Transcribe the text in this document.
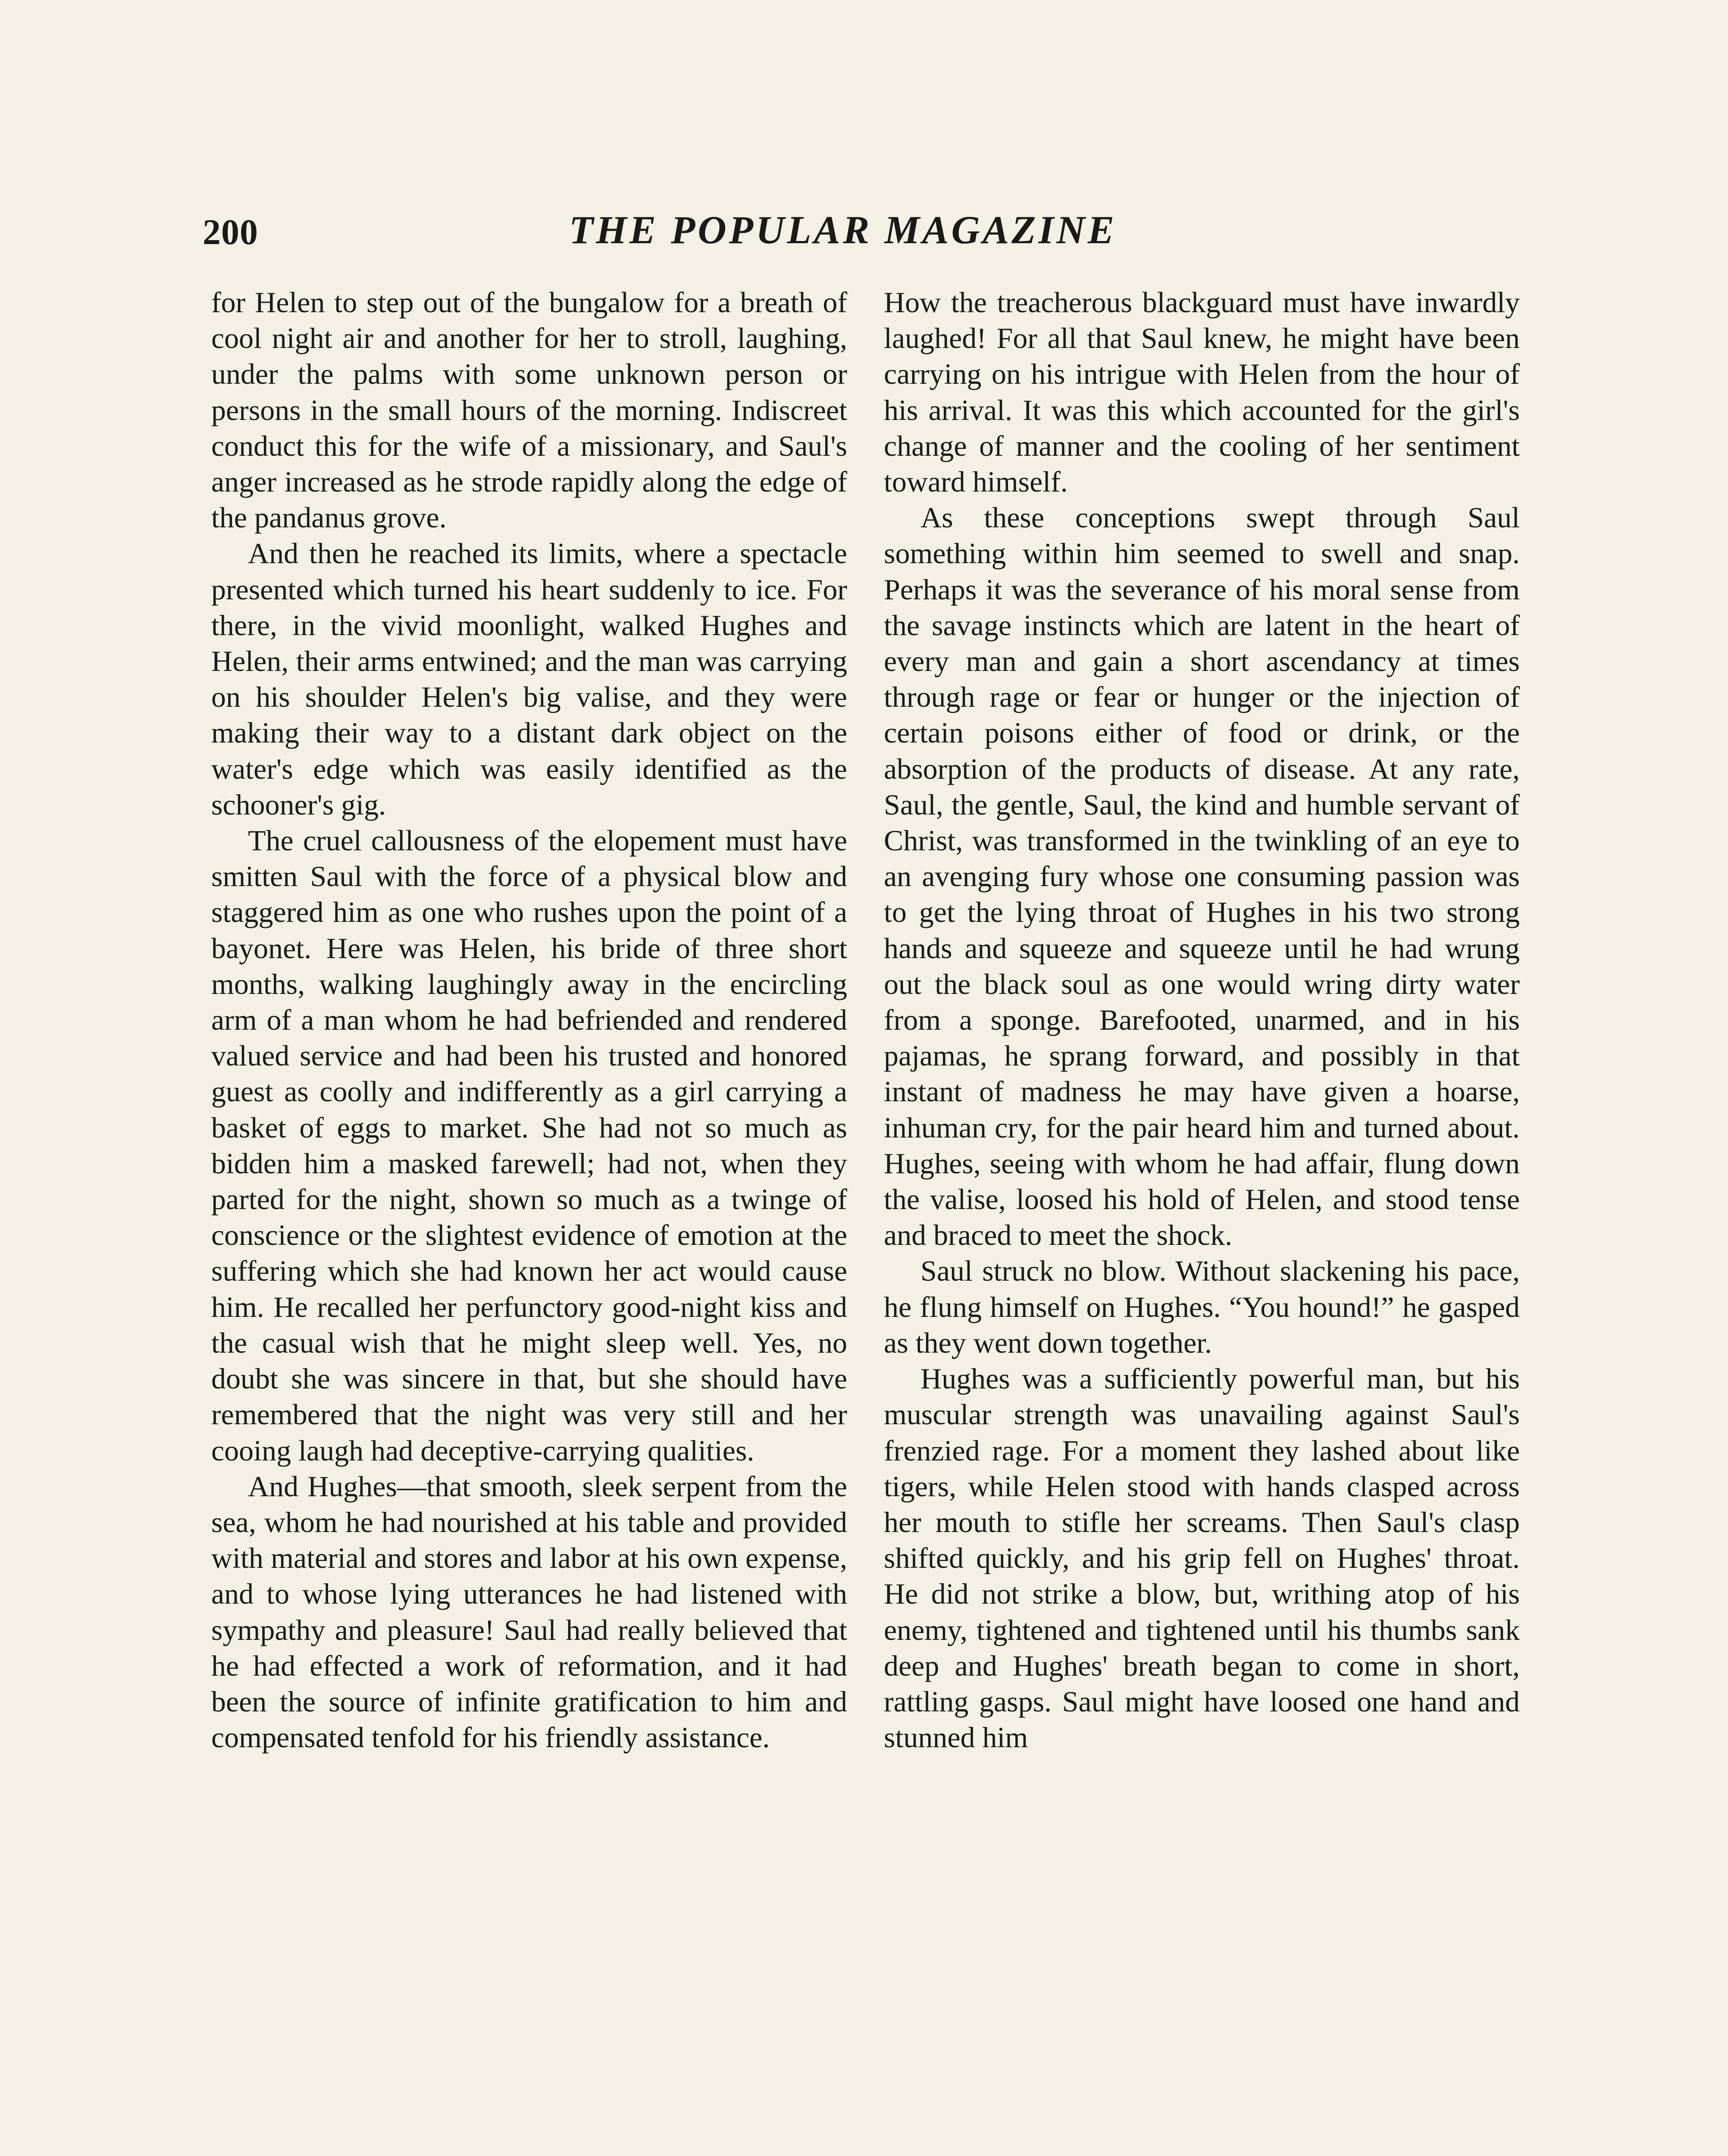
200	THE POPULAR MAGAZINE

for Helen to step out of the bungalow for a breath of cool night air and another for her to stroll, laughing, under the palms with some unknown person or persons in the small hours of the morning. Indiscreet conduct this for the wife of a missionary, and Saul's anger increased as he strode rapidly along the edge of the pandanus grove.

And then he reached its limits, where a spectacle presented which turned his heart suddenly to ice. For there, in the vivid moonlight, walked Hughes and Helen, their arms entwined; and the man was carrying on his shoulder Helen's big valise, and they were making their way to a distant dark object on the water's edge which was easily identified as the schooner's gig.

The cruel callousness of the elopement must have smitten Saul with the force of a physical blow and staggered him as one who rushes upon the point of a bayonet. Here was Helen, his bride of three short months, walking laughingly away in the encircling arm of a man whom he had befriended and rendered valued service and had been his trusted and honored guest as coolly and indifferently as a girl carrying a basket of eggs to market. She had not so much as bidden him a masked farewell; had not, when they parted for the night, shown so much as a twinge of conscience or the slightest evidence of emotion at the suffering which she had known her act would cause him. He recalled her perfunctory good-night kiss and the casual wish that he might sleep well. Yes, no doubt she was sincere in that, but she should have remembered that the night was very still and her cooing laugh had deceptive-carrying qualities.

And Hughes—that smooth, sleek serpent from the sea, whom he had nourished at his table and provided with material and stores and labor at his own expense, and to whose lying utterances he had listened with sympathy and pleasure! Saul had really believed that he had effected a work of reformation, and it had been the source of infinite gratification to him and compensated tenfold for his friendly assistance.

How the treacherous blackguard must have inwardly laughed! For all that Saul knew, he might have been carrying on his intrigue with Helen from the hour of his arrival. It was this which accounted for the girl's change of manner and the cooling of her sentiment toward himself.

As these conceptions swept through Saul something within him seemed to swell and snap. Perhaps it was the severance of his moral sense from the savage instincts which are latent in the heart of every man and gain a short ascendancy at times through rage or fear or hunger or the injection of certain poisons either of food or drink, or the absorption of the products of disease. At any rate, Saul, the gentle, Saul, the kind and humble servant of Christ, was transformed in the twinkling of an eye to an avenging fury whose one consuming passion was to get the lying throat of Hughes in his two strong hands and squeeze and squeeze until he had wrung out the black soul as one would wring dirty water from a sponge. Barefooted, unarmed, and in his pajamas, he sprang forward, and possibly in that instant of madness he may have given a hoarse, inhuman cry, for the pair heard him and turned about. Hughes, seeing with whom he had affair, flung down the valise, loosed his hold of Helen, and stood tense and braced to meet the shock.

Saul struck no blow. Without slackening his pace, he flung himself on Hughes. “You hound!” he gasped as they went down together.

Hughes was a sufficiently powerful man, but his muscular strength was unavailing against Saul's frenzied rage. For a moment they lashed about like tigers, while Helen stood with hands clasped across her mouth to stifle her screams. Then Saul's clasp shifted quickly, and his grip fell on Hughes' throat. He did not strike a blow, but, writhing atop of his enemy, tightened and tightened until his thumbs sank deep and Hughes' breath began to come in short, rattling gasps. Saul might have loosed one hand and stunned him
